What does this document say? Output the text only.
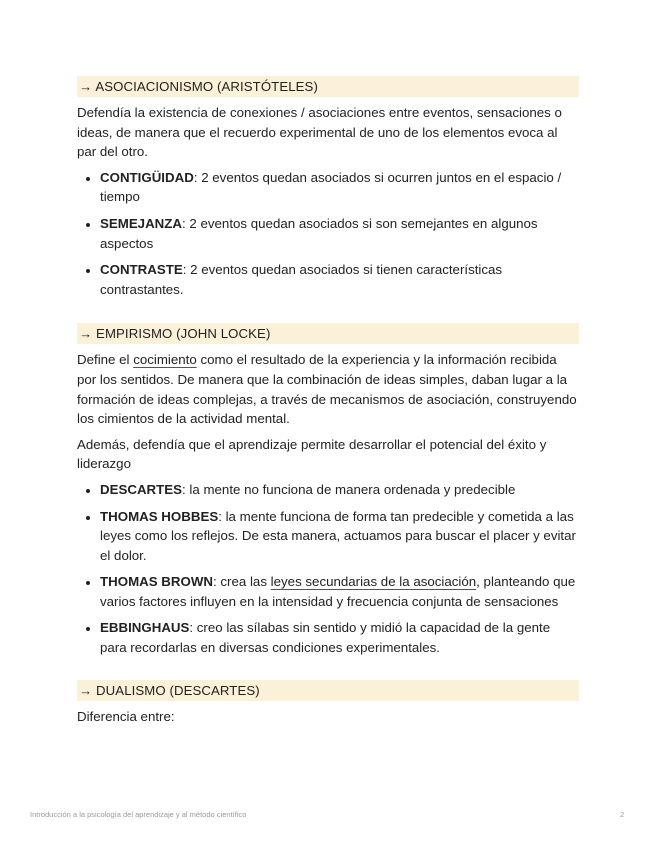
→ ASOCIACIONISMO (ARISTÓTELES)

Defendía la existencia de conexiones / asociaciones entre eventos, sensaciones o ideas, de manera que el recuerdo experimental de uno de los elementos evoca al par del otro.

• CONTIGÜIDAD: 2 eventos quedan asociados si ocurren juntos en el espacio / tiempo
• SEMEJANZA: 2 eventos quedan asociados si son semejantes en algunos aspectos
• CONTRASTE: 2 eventos quedan asociados si tienen características contrastantes.
→ EMPIRISMO (JOHN LOCKE)

Define el cocimiento como el resultado de la experiencia y la información recibida por los sentidos. De manera que la combinación de ideas simples, daban lugar a la formación de ideas complejas, a través de mecanismos de asociación, construyendo los cimientos de la actividad mental.

Además, defendía que el aprendizaje permite desarrollar el potencial del éxito y liderazgo

• DESCARTES: la mente no funciona de manera ordenada y predecible
• THOMAS HOBBES: la mente funciona de forma tan predecible y cometida a las leyes como los reflejos. De esta manera, actuamos para buscar el placer y evitar el dolor.
• THOMAS BROWN: crea las leyes secundarias de la asociación, planteando que varios factores influyen en la intensidad y frecuencia conjunta de sensaciones
• EBBINGHAUS: creo las sílabas sin sentido y midió la capacidad de la gente para recordarlas en diversas condiciones experimentales.
→ DUALISMO (DESCARTES)

Diferencia entre:

Introducción a la psicología del aprendizaje y al método científico	2
